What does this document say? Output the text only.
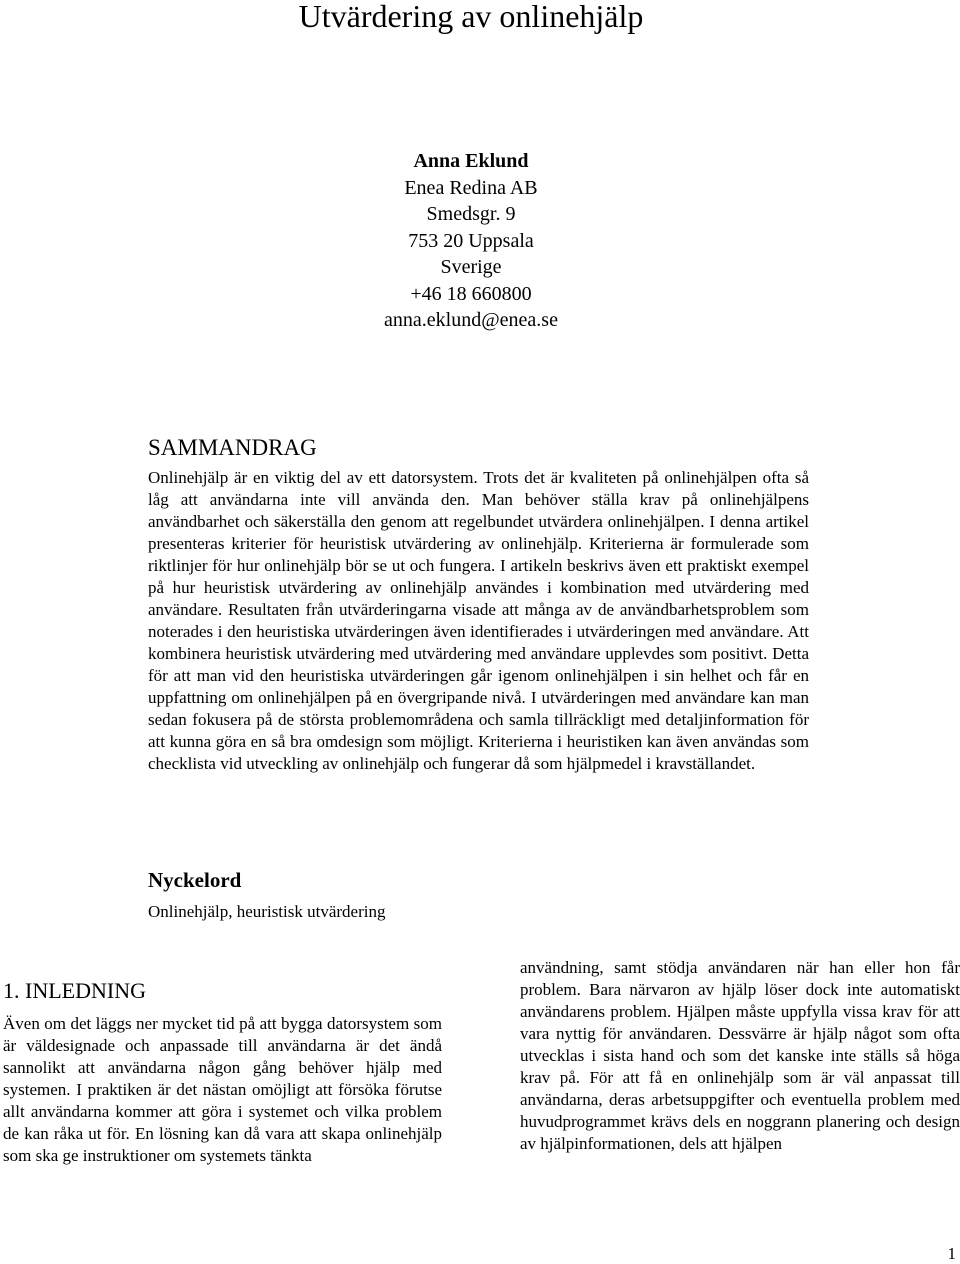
Utvärdering av onlinehjälp
Anna Eklund
Enea Redina AB
Smedsgr. 9
753 20 Uppsala
Sverige
+46 18 660800
anna.eklund@enea.se
SAMMANDRAG

Onlinehjälp är en viktig del av ett datorsystem. Trots det är kvaliteten på onlinehjälpen ofta så låg att användarna inte vill använda den. Man behöver ställa krav på onlinehjälpens användbarhet och säkerställa den genom att regelbundet utvärdera onlinehjälpen. I denna artikel presenteras kriterier för heuristisk utvärdering av onlinehjälp. Kriterierna är formulerade som riktlinjer för hur onlinehjälp bör se ut och fungera. I artikeln beskrivs även ett praktiskt exempel på hur heuristisk utvärdering av onlinehjälp användes i kombination med utvärdering med användare. Resultaten från utvärderingarna visade att många av de användbarhetsproblem som noterades i den heuristiska utvärderingen även identifierades i utvärderingen med användare. Att kombinera heuristisk utvärdering med utvärdering med användare upplevdes som positivt. Detta för att man vid den heuristiska utvärderingen går igenom onlinehjälpen i sin helhet och får en uppfattning om onlinehjälpen på en övergripande nivå. I utvärderingen med användare kan man sedan fokusera på de största problemområdena och samla tillräckligt med detaljinformation för att kunna göra en så bra omdesign som möjligt. Kriterierna i heuristiken kan även användas som checklista vid utveckling av onlinehjälp och fungerar då som hjälpmedel i kravställandet.

Nyckelord

Onlinehjälp, heuristisk utvärdering

1. INLEDNING

Även om det läggs ner mycket tid på att bygga datorsystem som är väldesignade och anpassade till användarna är det ändå sannolikt att användarna någon gång behöver hjälp med systemen. I praktiken är det nästan omöjligt att försöka förutse allt användarna kommer att göra i systemet och vilka problem de kan råka ut för. En lösning kan då vara att skapa onlinehjälp som ska ge instruktioner om systemets tänkta

användning, samt stödja användaren när han eller hon får problem. Bara närvaron av hjälp löser dock inte automatiskt användarens problem. Hjälpen måste uppfylla vissa krav för att vara nyttig för användaren. Dessvärre är hjälp något som ofta utvecklas i sista hand och som det kanske inte ställs så höga krav på. För att få en onlinehjälp som är väl anpassat till användarna, deras arbetsuppgifter och eventuella problem med huvudprogrammet krävs dels en noggrann planering och design av hjälpinformationen, dels att hjälpen

1
